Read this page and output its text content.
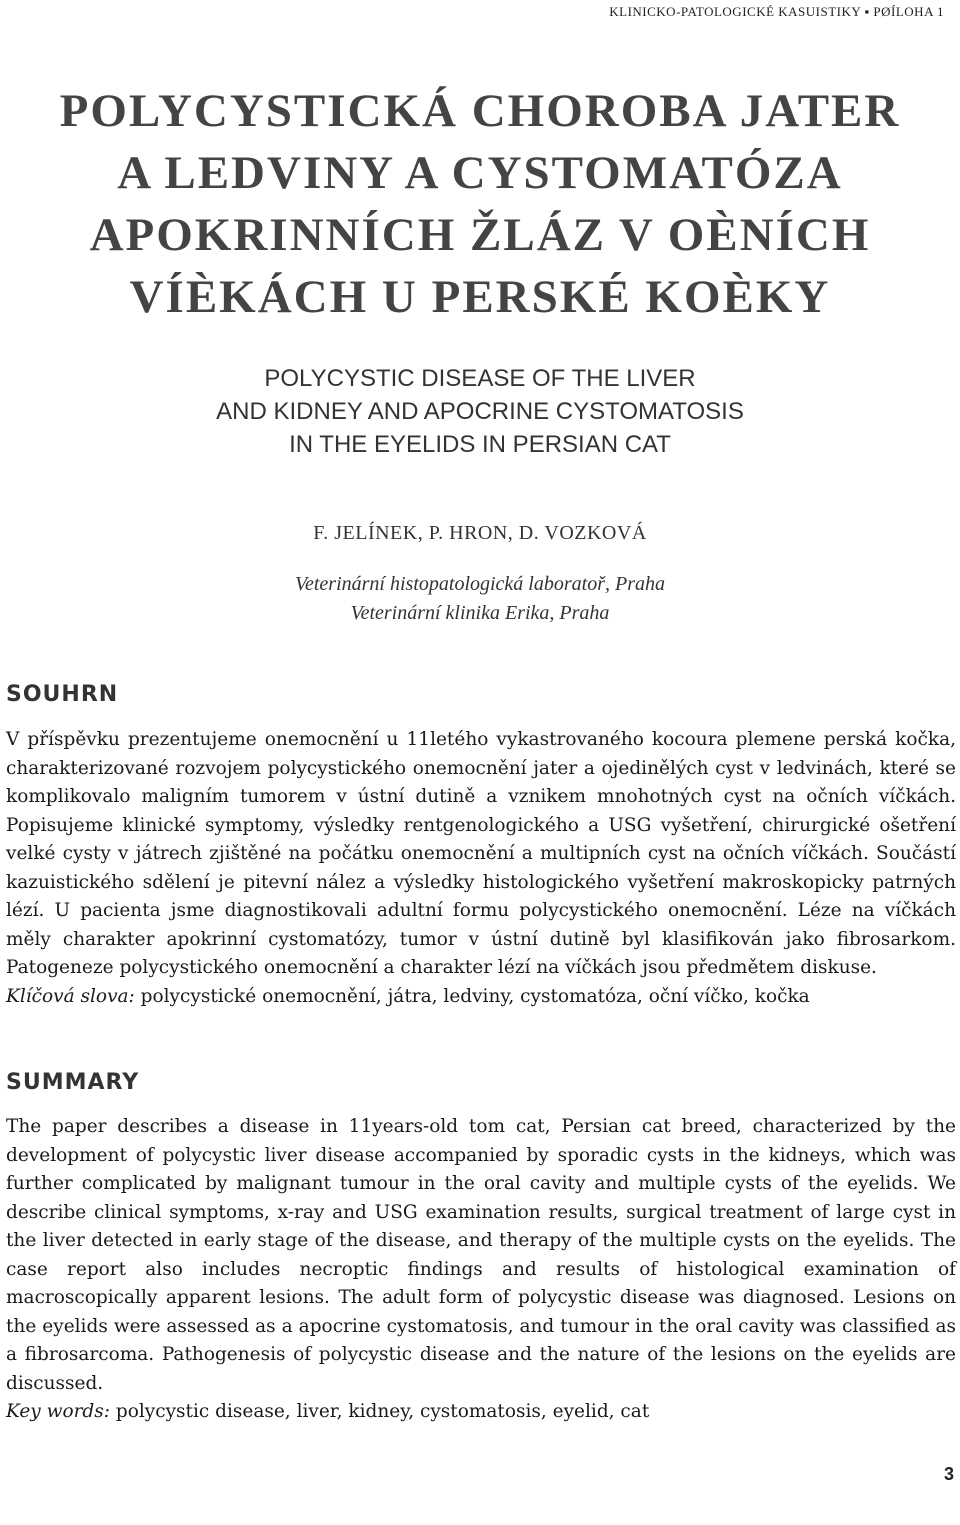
KLINICKO-PATOLOGICKÉ KASUISTIKY ▪ PØÍLOHA 1
POLYCYSTICKÁ CHOROBA JATER
A LEDVINY A CYSTOMATÓZA
APOKRINNÍCH ŽLÁZ V OÈNÍCH
VÍÈKÁCH U PERSKÉ KOÈKY
POLYCYSTIC DISEASE OF THE LIVER
AND KIDNEY AND APOCRINE CYSTOMATOSIS
IN THE EYELIDS IN PERSIAN CAT
F. JELÍNEK, P. HRON, D. VOZKOVÁ
Veterinární histopatologická laboratoř, Praha
Veterinární klinika Erika, Praha
SOUHRN

V příspěvku prezentujeme onemocnění u 11letého vykastrovaného kocoura plemene perská kočka, charakterizované rozvojem polycystického onemocnění jater a ojedinělých cyst v ledvinách, které se komplikovalo maligním tumorem v ústní dutině a vznikem mnohotných cyst na očních víčkách. Popisujeme klinické symptomy, výsledky rentgenologického a USG vyšetření, chirurgické ošetření velké cysty v játrech zjištěné na počátku onemocnění a multipních cyst na očních víčkách. Součástí kazuistického sdělení je pitevní nález a výsledky histologického vyšetření makroskopicky patrných lézí. U pacienta jsme diagnostikovali adultní formu polycystického onemocnění. Léze na víčkách měly charakter apokrinní cystomatózy, tumor v ústní dutině byl klasifikován jako fibrosarkom. Patogeneze polycystického onemocnění a charakter lézí na víčkách jsou předmětem diskuse.

Klíčová slova: polycystické onemocnění, játra, ledviny, cystomatóza, oční víčko, kočka

SUMMARY

The paper describes a disease in 11years-old tom cat, Persian cat breed, characterized by the development of polycystic liver disease accompanied by sporadic cysts in the kidneys, which was further complicated by malignant tumour in the oral cavity and multiple cysts of the eyelids. We describe clinical symptoms, x-ray and USG examination results, surgical treatment of large cyst in the liver detected in early stage of the disease, and therapy of the multiple cysts on the eyelids. The case report also includes necroptic findings and results of histological examination of macroscopically apparent lesions. The adult form of polycystic disease was diagnosed. Lesions on the eyelids were assessed as a apocrine cystomatosis, and tumour in the oral cavity was classified as a fibrosarcoma. Pathogenesis of polycystic disease and the nature of the lesions on the eyelids are discussed.

Key words: polycystic disease, liver, kidney, cystomatosis, eyelid, cat

3
